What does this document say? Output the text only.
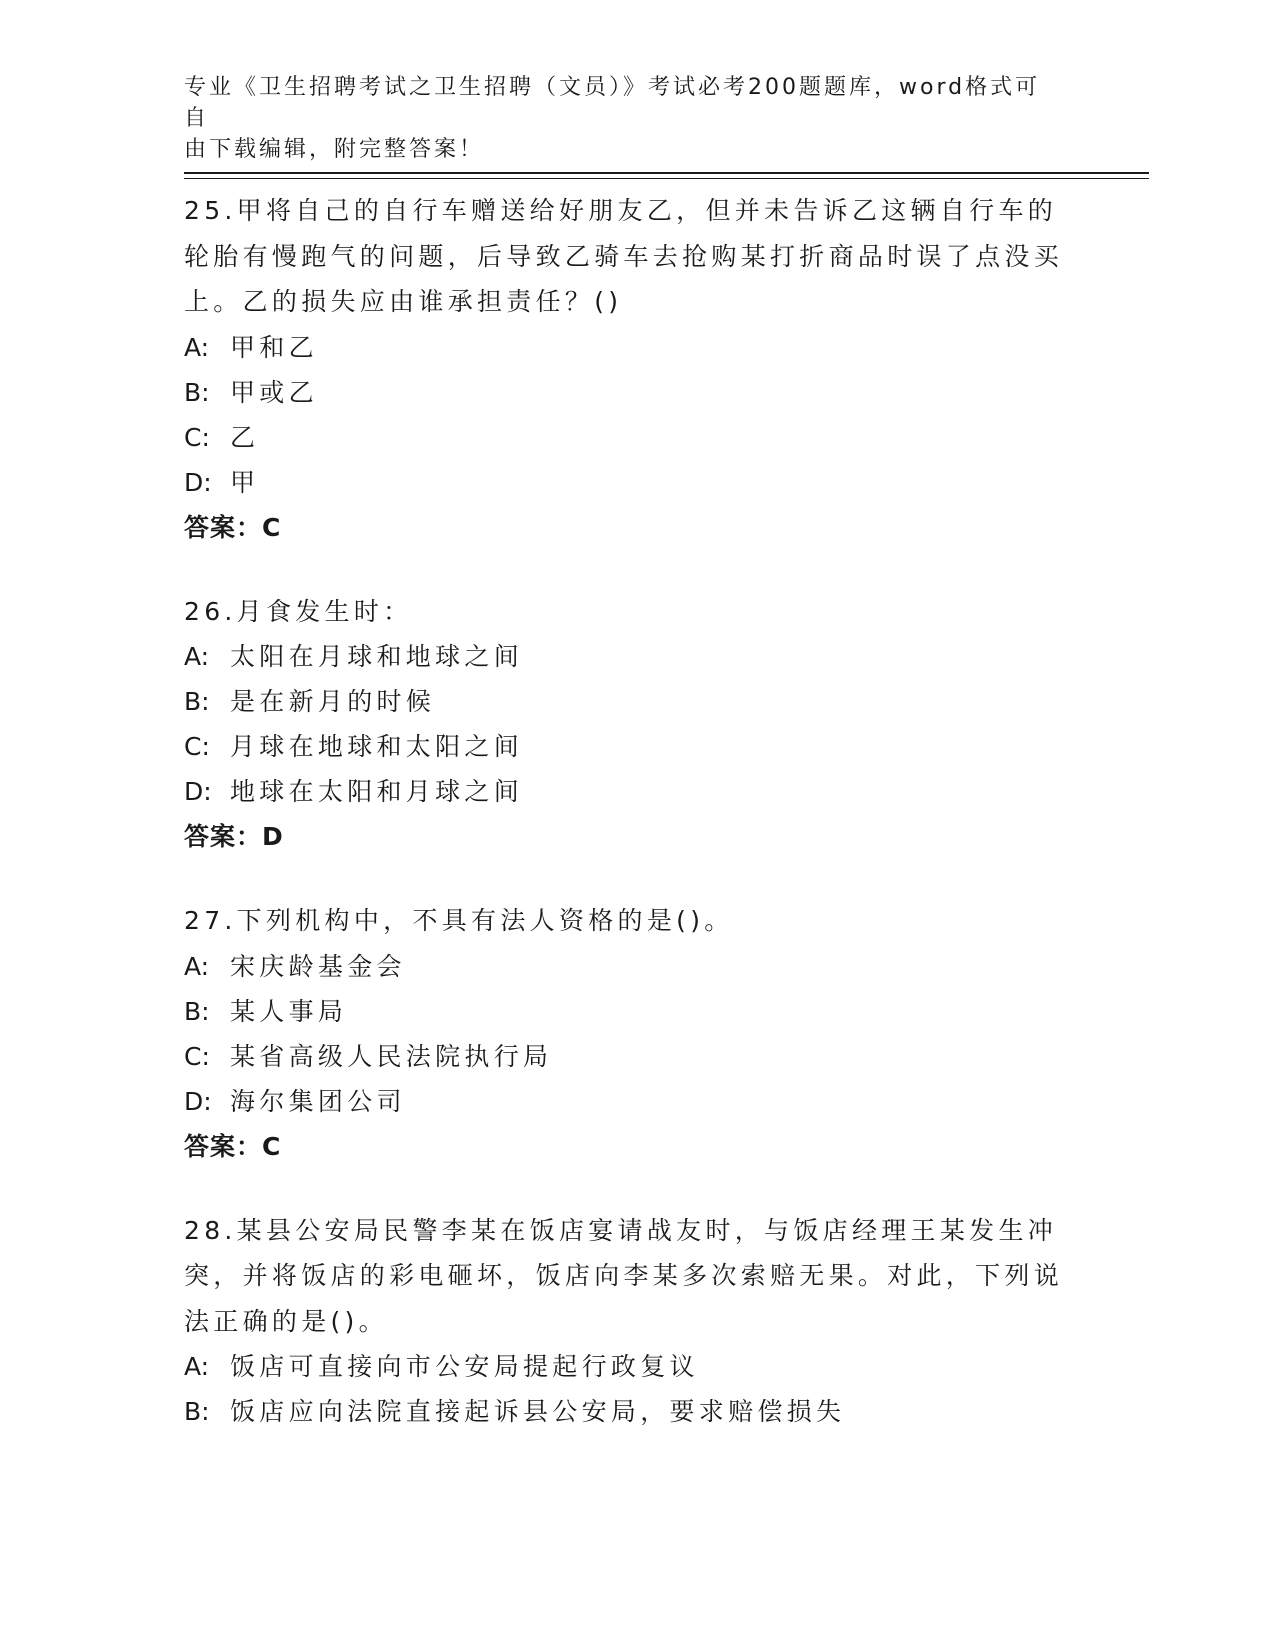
专业《卫生招聘考试之卫生招聘（文员）》考试必考200题题库，word格式可自

由下载编辑，附完整答案！

25.甲将自己的自行车赠送给好朋友乙，但并未告诉乙这辆自行车的轮胎有慢跑气的问题，后导致乙骑车去抢购某打折商品时误了点没买上。乙的损失应由谁承担责任？()

A: 甲和乙

B: 甲或乙

C: 乙

D: 甲

答案：C

26.月食发生时：

A: 太阳在月球和地球之间

B: 是在新月的时候

C: 月球在地球和太阳之间

D: 地球在太阳和月球之间

答案：D

27.下列机构中，不具有法人资格的是()。

A: 宋庆龄基金会

B: 某人事局

C: 某省高级人民法院执行局

D: 海尔集团公司

答案：C

28.某县公安局民警李某在饭店宴请战友时，与饭店经理王某发生冲突，并将饭店的彩电砸坏，饭店向李某多次索赔无果。对此，下列说法正确的是()。

A: 饭店可直接向市公安局提起行政复议

B: 饭店应向法院直接起诉县公安局，要求赔偿损失
